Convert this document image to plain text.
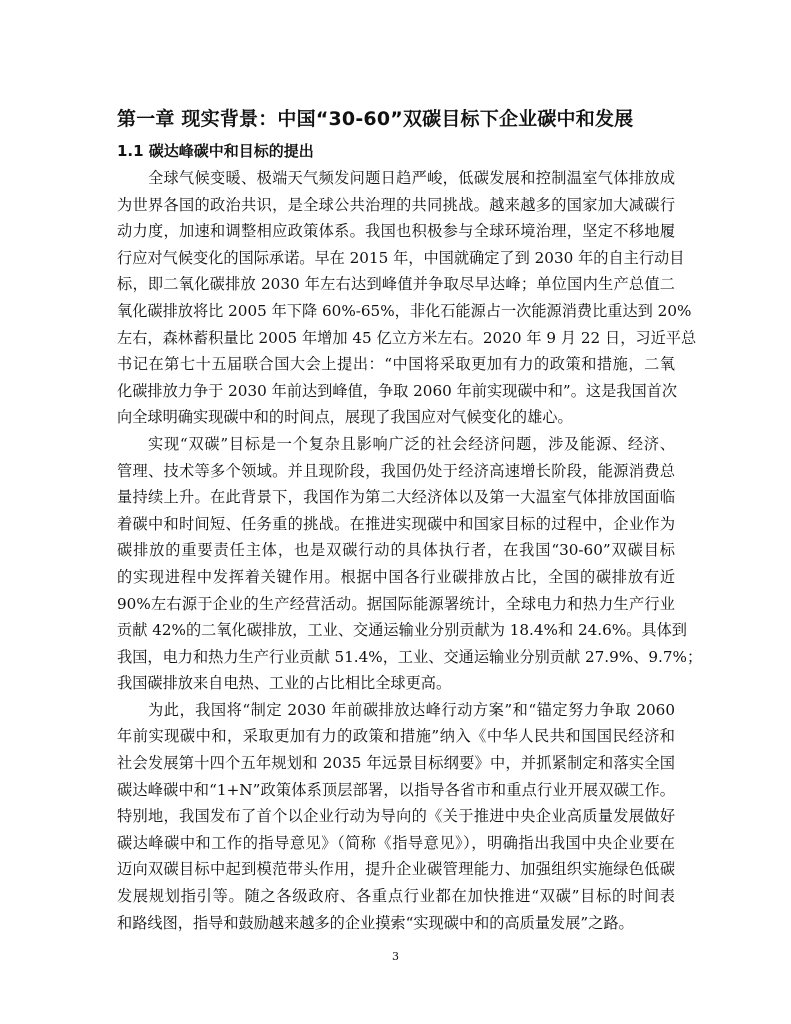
第一章 现实背景：中国“30-60”双碳目标下企业碳中和发展
1.1 碳达峰碳中和目标的提出
全球气候变暖、极端天气频发问题日趋严峻，低碳发展和控制温室气体排放成
为世界各国的政治共识，是全球公共治理的共同挑战。越来越多的国家加大减碳行
动力度，加速和调整相应政策体系。我国也积极参与全球环境治理，坚定不移地履
行应对气候变化的国际承诺。早在 2015 年，中国就确定了到 2030 年的自主行动目
标，即二氧化碳排放 2030 年左右达到峰值并争取尽早达峰；单位国内生产总值二
氧化碳排放将比 2005 年下降 60%-65%，非化石能源占一次能源消费比重达到 20%
左右，森林蓄积量比 2005 年增加 45 亿立方米左右。2020 年 9 月 22 日，习近平总
书记在第七十五届联合国大会上提出：“中国将采取更加有力的政策和措施，二氧
化碳排放力争于 2030 年前达到峰值，争取 2060 年前实现碳中和”。这是我国首次
向全球明确实现碳中和的时间点，展现了我国应对气候变化的雄心。
实现“双碳”目标是一个复杂且影响广泛的社会经济问题，涉及能源、经济、
管理、技术等多个领域。并且现阶段，我国仍处于经济高速增长阶段，能源消费总
量持续上升。在此背景下，我国作为第二大经济体以及第一大温室气体排放国面临
着碳中和时间短、任务重的挑战。在推进实现碳中和国家目标的过程中，企业作为
碳排放的重要责任主体，也是双碳行动的具体执行者，在我国“30-60”双碳目标
的实现进程中发挥着关键作用。根据中国各行业碳排放占比，全国的碳排放有近
90%左右源于企业的生产经营活动。据国际能源署统计，全球电力和热力生产行业
贡献 42%的二氧化碳排放，工业、交通运输业分别贡献为 18.4%和 24.6%。具体到
我国，电力和热力生产行业贡献 51.4%，工业、交通运输业分别贡献 27.9%、9.7%；
我国碳排放来自电热、工业的占比相比全球更高。
为此，我国将“制定 2030 年前碳排放达峰行动方案”和“锚定努力争取 2060
年前实现碳中和，采取更加有力的政策和措施”纳入《中华人民共和国国民经济和
社会发展第十四个五年规划和 2035 年远景目标纲要》中，并抓紧制定和落实全国
碳达峰碳中和“1+N”政策体系顶层部署，以指导各省市和重点行业开展双碳工作。
特别地，我国发布了首个以企业行动为导向的《关于推进中央企业高质量发展做好
碳达峰碳中和工作的指导意见》（简称《指导意见》），明确指出我国中央企业要在
迈向双碳目标中起到模范带头作用，提升企业碳管理能力、加强组织实施绿色低碳
发展规划指引等。随之各级政府、各重点行业都在加快推进“双碳”目标的时间表
和路线图，指导和鼓励越来越多的企业摸索“实现碳中和的高质量发展”之路。
3
